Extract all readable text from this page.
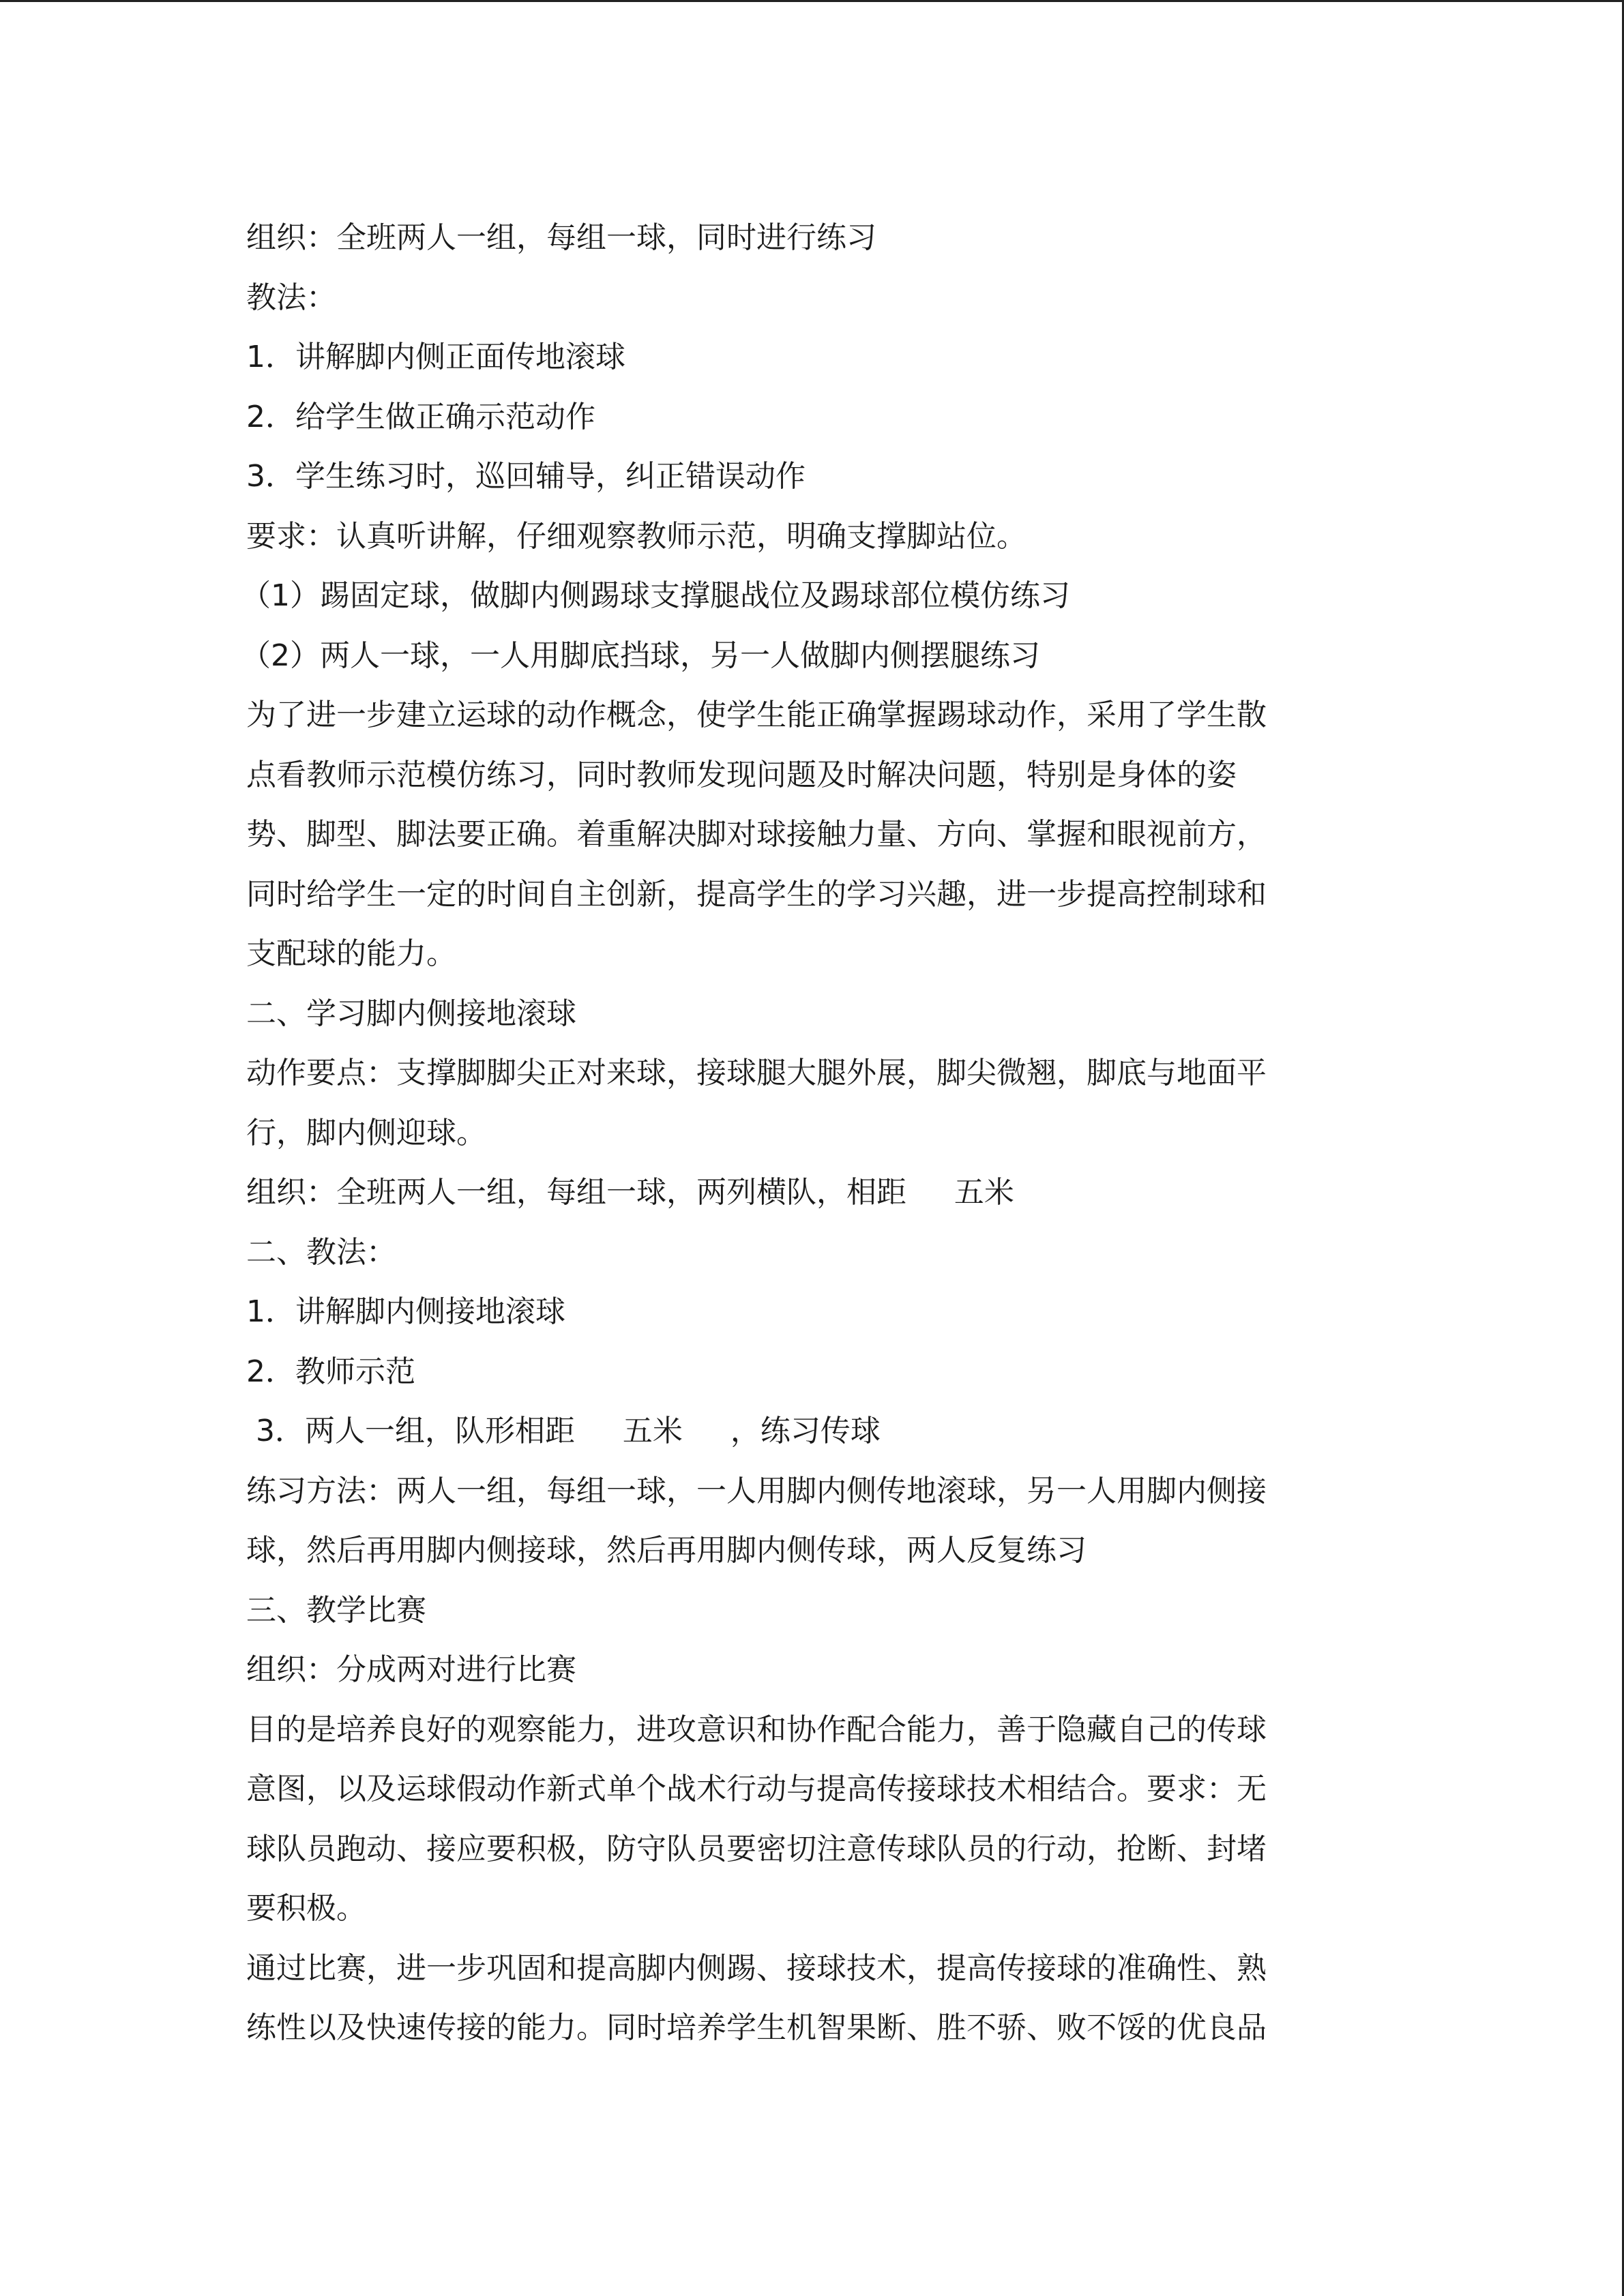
组织：全班两人一组，每组一球，同时进行练习

教法：

1．讲解脚内侧正面传地滚球

2．给学生做正确示范动作

3．学生练习时，巡回辅导，纠正错误动作

要求：认真听讲解，仔细观察教师示范，明确支撑脚站位。

（1）踢固定球，做脚内侧踢球支撑腿战位及踢球部位模仿练习

（2）两人一球，一人用脚底挡球，另一人做脚内侧摆腿练习

为了进一步建立运球的动作概念，使学生能正确掌握踢球动作，采用了学生散

点看教师示范模仿练习，同时教师发现问题及时解决问题，特别是身体的姿

势、脚型、脚法要正确。着重解决脚对球接触力量、方向、掌握和眼视前方，

同时给学生一定的时间自主创新，提高学生的学习兴趣，进一步提高控制球和

支配球的能力。

二、学习脚内侧接地滚球

动作要点：支撑脚脚尖正对来球，接球腿大腿外展，脚尖微翘，脚底与地面平

行，脚内侧迎球。

组织：全班两人一组，每组一球，两列横队，相距     五米

二、教法：

1．讲解脚内侧接地滚球

2．教师示范

3．两人一组，队形相距     五米     ，练习传球

练习方法：两人一组，每组一球，一人用脚内侧传地滚球，另一人用脚内侧接

球，然后再用脚内侧接球，然后再用脚内侧传球，两人反复练习

三、教学比赛

组织：分成两对进行比赛

目的是培养良好的观察能力，进攻意识和协作配合能力，善于隐藏自己的传球

意图，以及运球假动作新式单个战术行动与提高传接球技术相结合。要求：无

球队员跑动、接应要积极，防守队员要密切注意传球队员的行动，抢断、封堵

要积极。

通过比赛，进一步巩固和提高脚内侧踢、接球技术，提高传接球的准确性、熟

练性以及快速传接的能力。同时培养学生机智果断、胜不骄、败不馁的优良品
